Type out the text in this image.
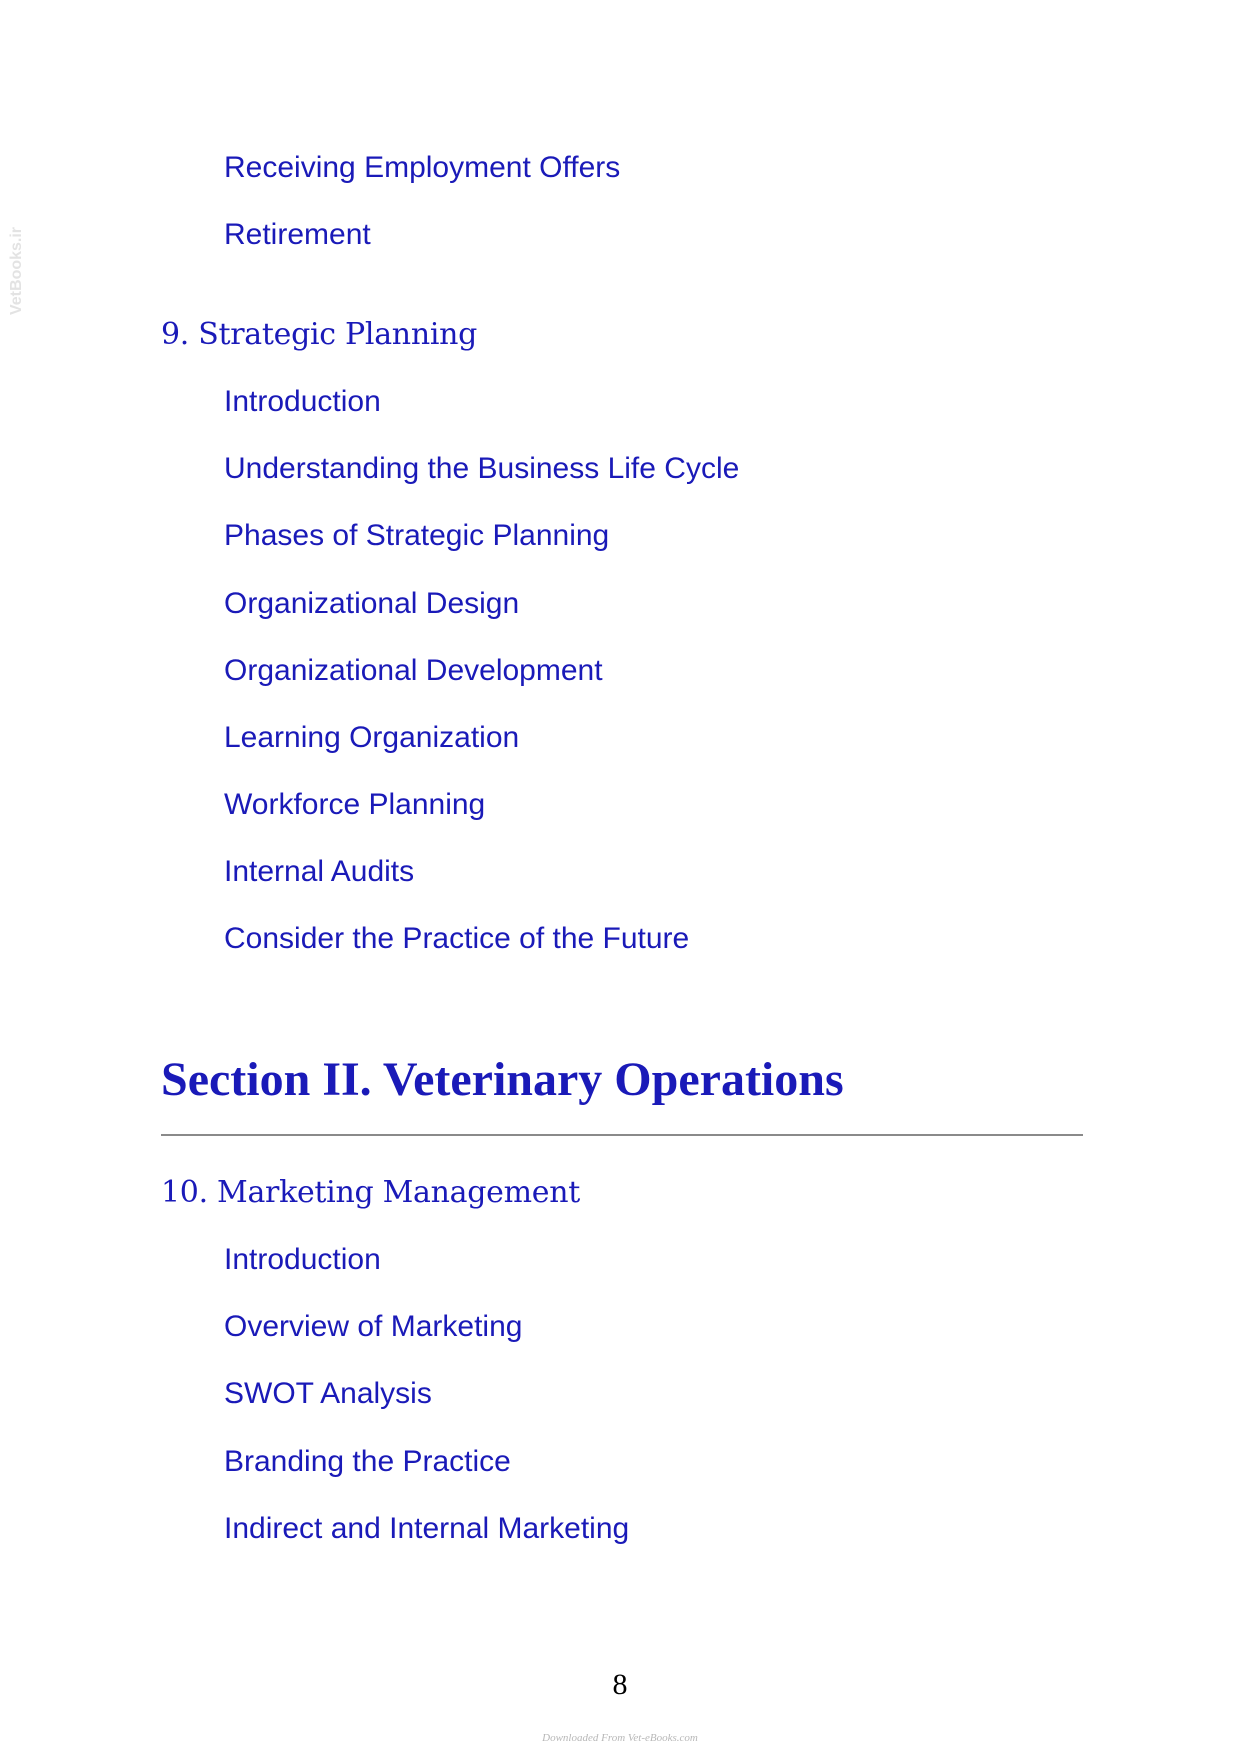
VetBooks.ir
Receiving Employment Offers
Retirement
9. Strategic Planning
Introduction
Understanding the Business Life Cycle
Phases of Strategic Planning
Organizational Design
Organizational Development
Learning Organization
Workforce Planning
Internal Audits
Consider the Practice of the Future
Section II. Veterinary Operations
10. Marketing Management
Introduction
Overview of Marketing
SWOT Analysis
Branding the Practice
Indirect and Internal Marketing
8
Downloaded From Vet-eBooks.com
